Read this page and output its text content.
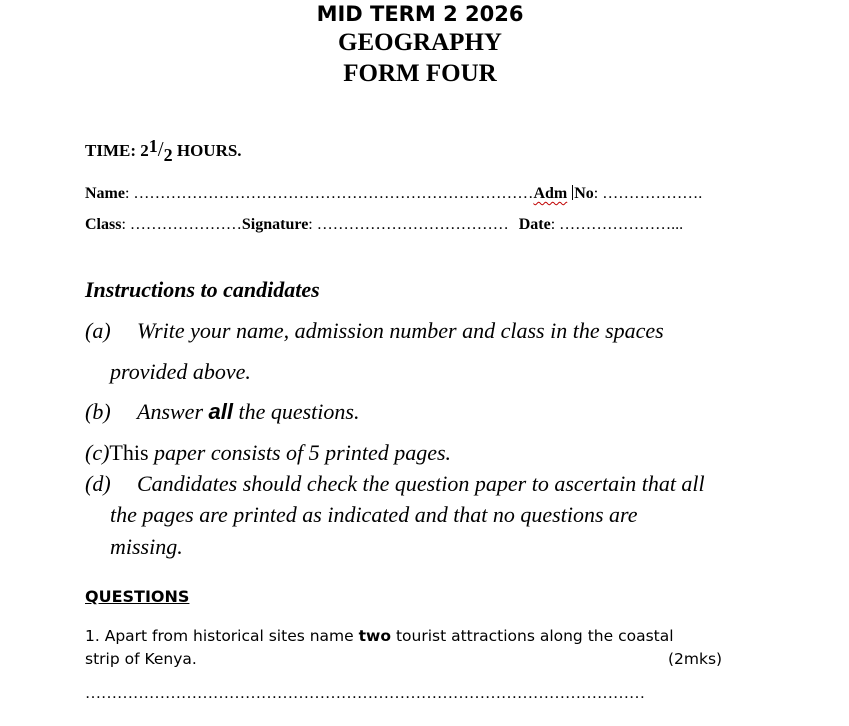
MID TERM 2 2026
GEOGRAPHY
FORM FOUR
TIME: 21/2 HOURS.
Name: …………………………………………………………………Adm No: ……………….
Class: …………………Signature: ……………………………… Date: …………………...
Instructions to candidates
(a) Write your name, admission number and class in the spaces
provided above.
(b) Answer all the questions.
(c)This paper consists of 5 printed pages.
(d) Candidates should check the question paper to ascertain that all
the pages are printed as indicated and that no questions are
missing.
QUESTIONS
1. Apart from historical sites name two tourist attractions along the coastal
strip of Kenya.	(2mks)
……………………………………………………………………………………………
